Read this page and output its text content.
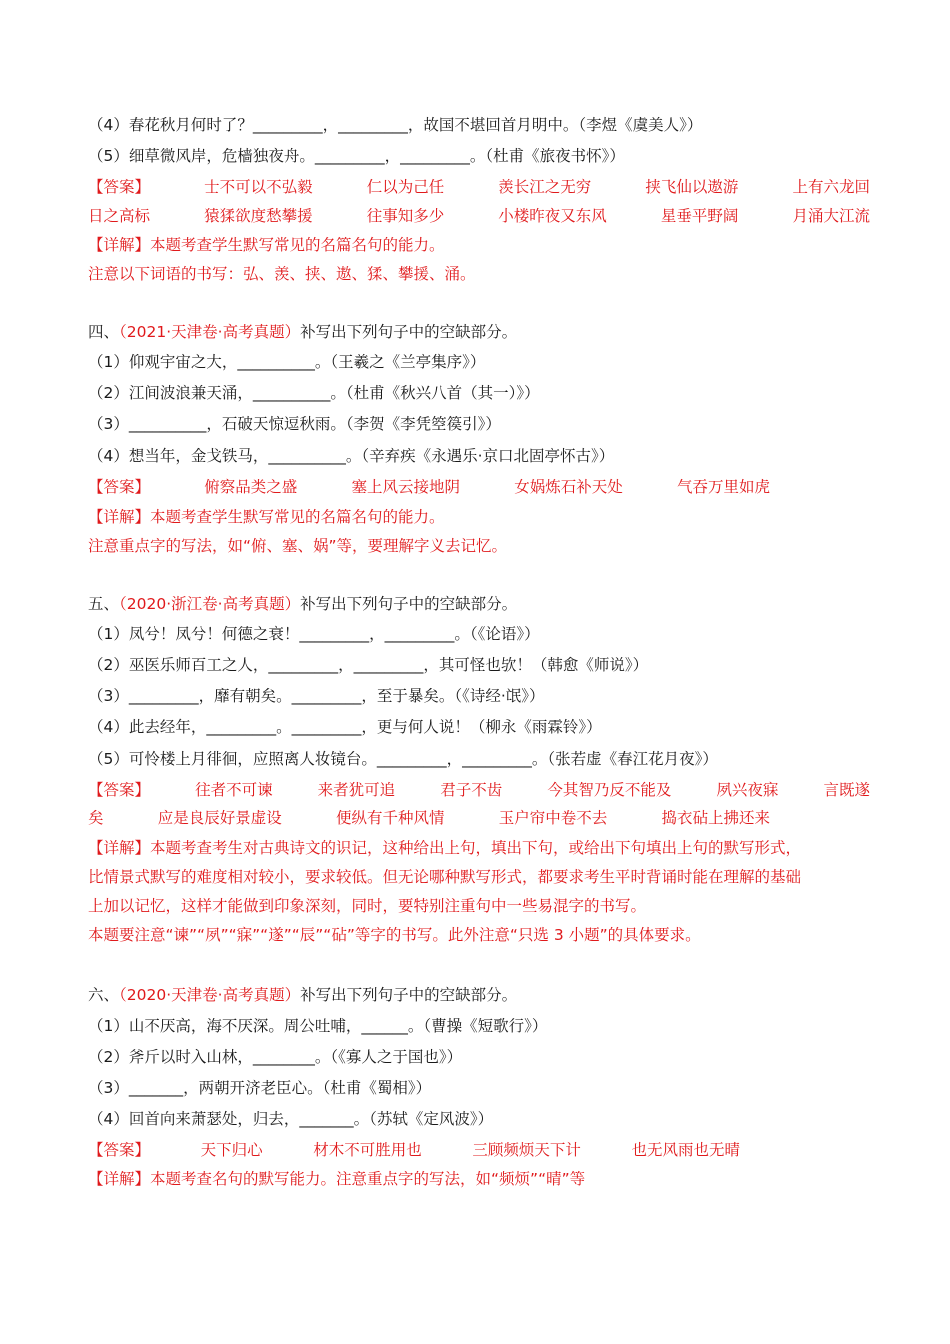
（4）春花秋月何时了？_________，_________，故国不堪回首月明中。（李煜《虞美人》）
（5）细草微风岸，危樯独夜舟。_________，_________。（杜甫《旅夜书怀》）
【答案】	士不可以不弘毅	仁以为己任	羡长江之无穷	挟飞仙以遨游	上有六龙回
日之高标	猿猱欲度愁攀援	往事知多少	小楼昨夜又东风	星垂平野阔	月涌大江流
【详解】本题考查学生默写常见的名篇名句的能力。
注意以下词语的书写：弘、羡、挟、遨、猱、攀援、涌。
四、（2021·天津卷·高考真题）补写出下列句子中的空缺部分。
（1）仰观宇宙之大，__________。（王羲之《兰亭集序》）
（2）江间波浪兼天涌，__________。（杜甫《秋兴八首（其一）》）
（3）__________，石破天惊逗秋雨。（李贺《李凭箜篌引》）
（4）想当年，金戈铁马，__________。（辛弃疾《永遇乐·京口北固亭怀古》）
【答案】	俯察品类之盛	塞上风云接地阴	女娲炼石补天处	气吞万里如虎
【详解】本题考查学生默写常见的名篇名句的能力。
注意重点字的写法，如“俯、塞、娲”等，要理解字义去记忆。
五、（2020·浙江卷·高考真题）补写出下列句子中的空缺部分。
（1）凤兮！凤兮！何德之衰！_________，_________。（《论语》）
（2）巫医乐师百工之人，_________，_________，其可怪也欤！（韩愈《师说》）
（3）_________，靡有朝矣。_________，至于暴矣。（《诗经·氓》）
（4）此去经年，_________。_________，更与何人说！（柳永《雨霖铃》）
（5）可怜楼上月徘徊，应照离人妆镜台。_________，_________。（张若虚《春江花月夜》）
【答案】	往者不可谏	来者犹可追	君子不齿	今其智乃反不能及	夙兴夜寐	言既遂
矣	应是良辰好景虚设	便纵有千种风情	玉户帘中卷不去	捣衣砧上拂还来
【详解】本题考查考生对古典诗文的识记，这种给出上句，填出下句，或给出下句填出上句的默写形式，
比情景式默写的难度相对较小，要求较低。但无论哪种默写形式，都要求考生平时背诵时能在理解的基础
上加以记忆，这样才能做到印象深刻，同时，要特别注重句中一些易混字的书写。
本题要注意“谏”“夙”“寐”“遂”“辰”“砧”等字的书写。此外注意“只选 3 小题”的具体要求。
六、（2020·天津卷·高考真题）补写出下列句子中的空缺部分。
（1）山不厌高，海不厌深。周公吐哺，______。（曹操《短歌行》）
（2）斧斤以时入山林，________。（《寡人之于国也》）
（3）_______，两朝开济老臣心。（杜甫《蜀相》）
（4）回首向来萧瑟处，归去，_______。（苏轼《定风波》）
【答案】	天下归心	材木不可胜用也	三顾频烦天下计	也无风雨也无晴
【详解】本题考查名句的默写能力。注意重点字的写法，如“频烦”“晴”等
